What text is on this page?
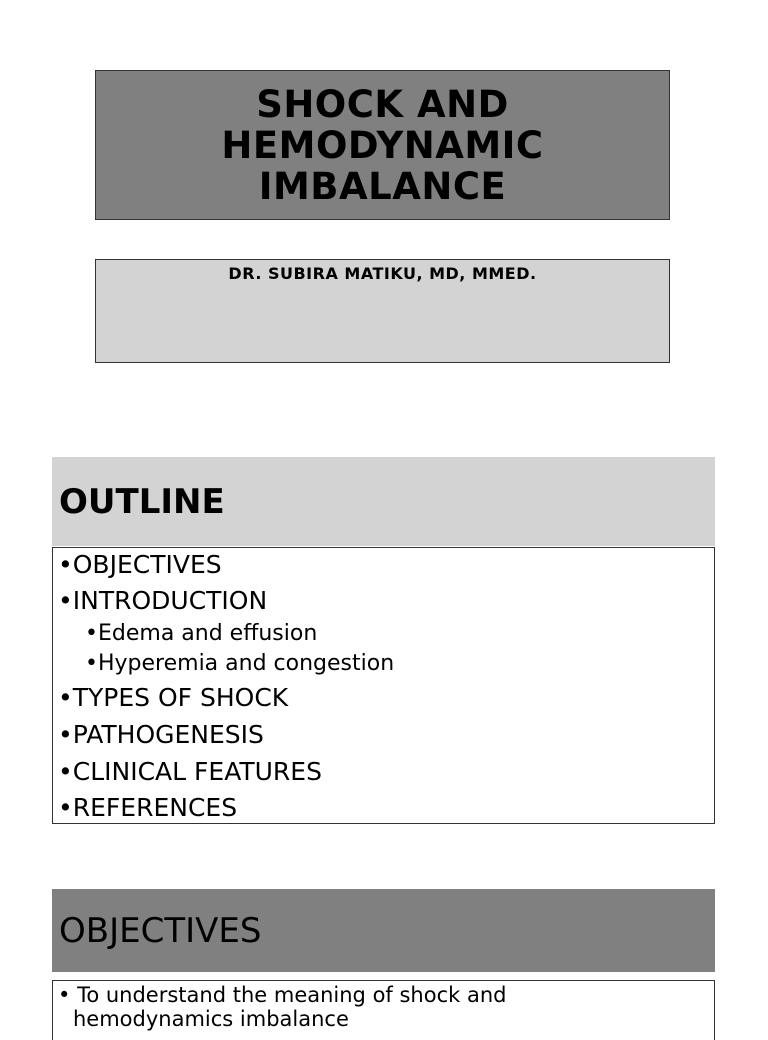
SHOCK AND
HEMODYNAMIC
IMBALANCE

DR. SUBIRA MATIKU, MD, MMED.

OUTLINE
•OBJECTIVES
•INTRODUCTION
•Edema and effusion
•Hyperemia and congestion
•TYPES OF SHOCK
•PATHOGENESIS
•CLINICAL FEATURES
•REFERENCES
OBJECTIVES

• To understand the meaning of shock and hemodynamics imbalance
